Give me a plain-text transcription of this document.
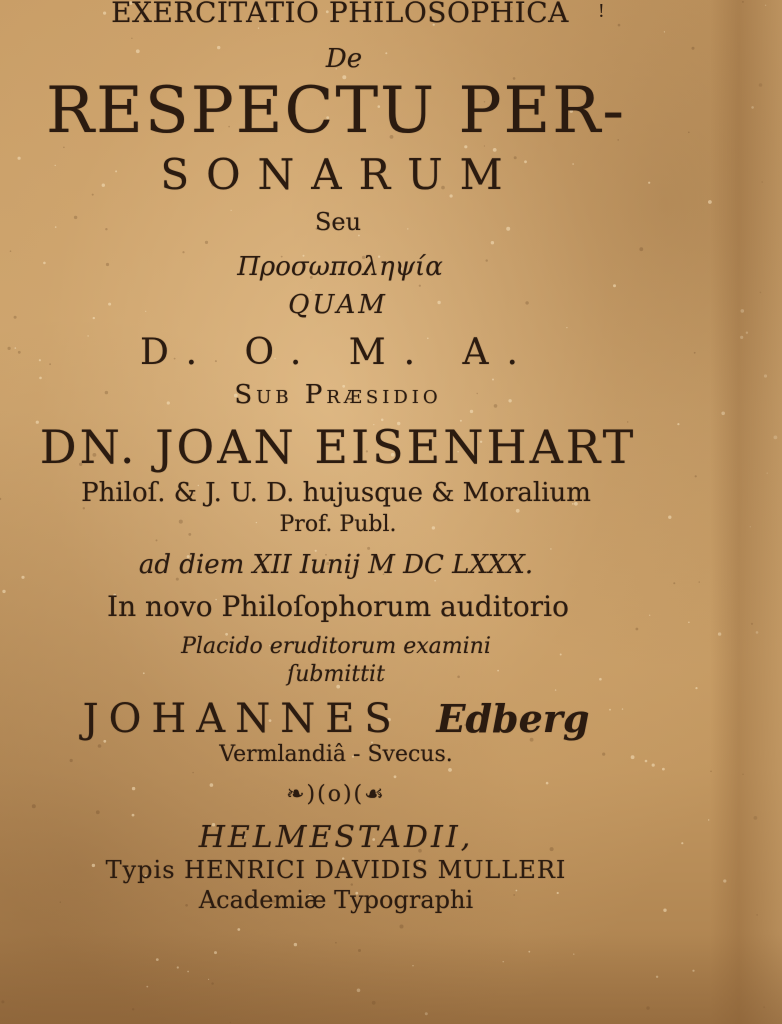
EXERCITATIO PHILOSOPHICA	!
De
RESPECTU PER-
SONARUM
Seu
Προσωποληψία
QUAM
D. O. M. A.
Sub Præsidio
DN. JOAN EISENHART
Philoſ. & J. U. D. hujusque & Moralium
Prof. Publ.
ad diem XII Iunij M DC LXXX.
In novo Philoſophorum auditorio
Placido eruditorum examini
ſubmittit
JOHANNES Edberg
Vermlandiâ - Svecus.
❧)(o)(☙
HELMESTADII,
Typis HENRICI DAVIDIS MULLERI
Academiæ Typographi
